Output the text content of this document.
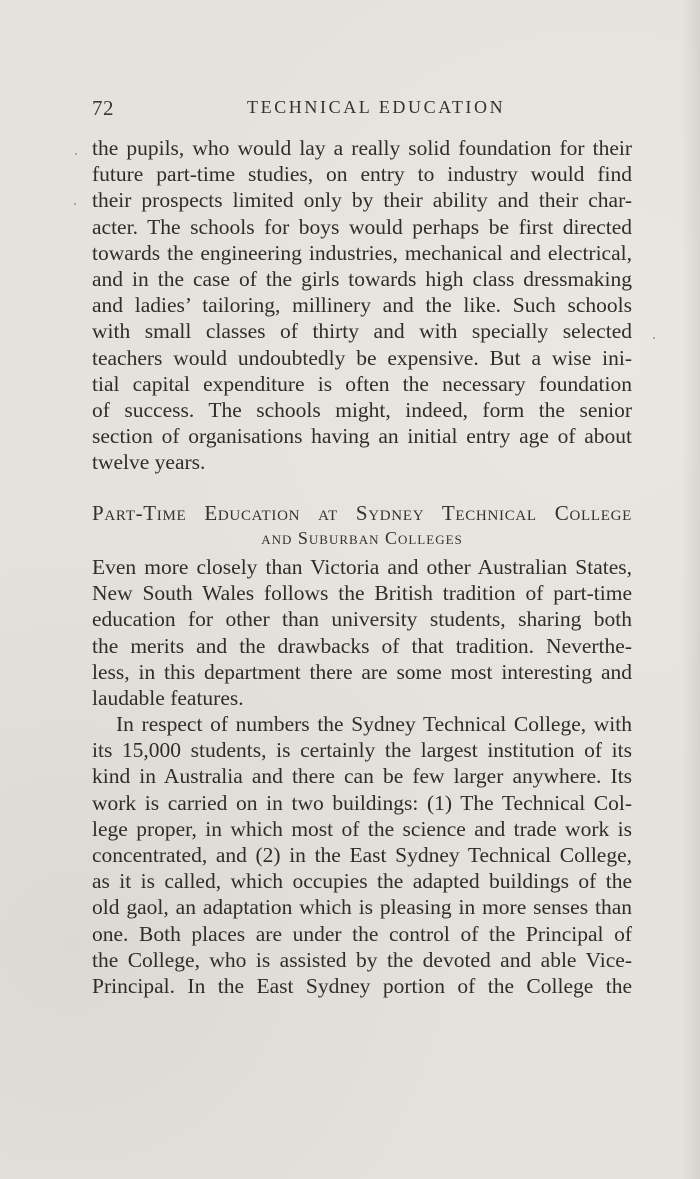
72	TECHNICAL EDUCATION
the pupils, who would lay a really solid foundation for their
future part-time studies, on entry to industry would find
their prospects limited only by their ability and their char-
acter. The schools for boys would perhaps be first directed
towards the engineering industries, mechanical and electrical,
and in the case of the girls towards high class dressmaking
and ladies’ tailoring, millinery and the like. Such schools
with small classes of thirty and with specially selected
teachers would undoubtedly be expensive. But a wise ini-
tial capital expenditure is often the necessary foundation
of success. The schools might, indeed, form the senior
section of organisations having an initial entry age of about
twelve years.
Part-Time Education at Sydney Technical College
and Suburban Colleges
Even more closely than Victoria and other Australian States,
New South Wales follows the British tradition of part-time
education for other than university students, sharing both
the merits and the drawbacks of that tradition. Neverthe-
less, in this department there are some most interesting and
laudable features.
In respect of numbers the Sydney Technical College, with
its 15,000 students, is certainly the largest institution of its
kind in Australia and there can be few larger anywhere. Its
work is carried on in two buildings: (1) The Technical Col-
lege proper, in which most of the science and trade work is
concentrated, and (2) in the East Sydney Technical College,
as it is called, which occupies the adapted buildings of the
old gaol, an adaptation which is pleasing in more senses than
one. Both places are under the control of the Principal of
the College, who is assisted by the devoted and able Vice-
Principal. In the East Sydney portion of the College the
